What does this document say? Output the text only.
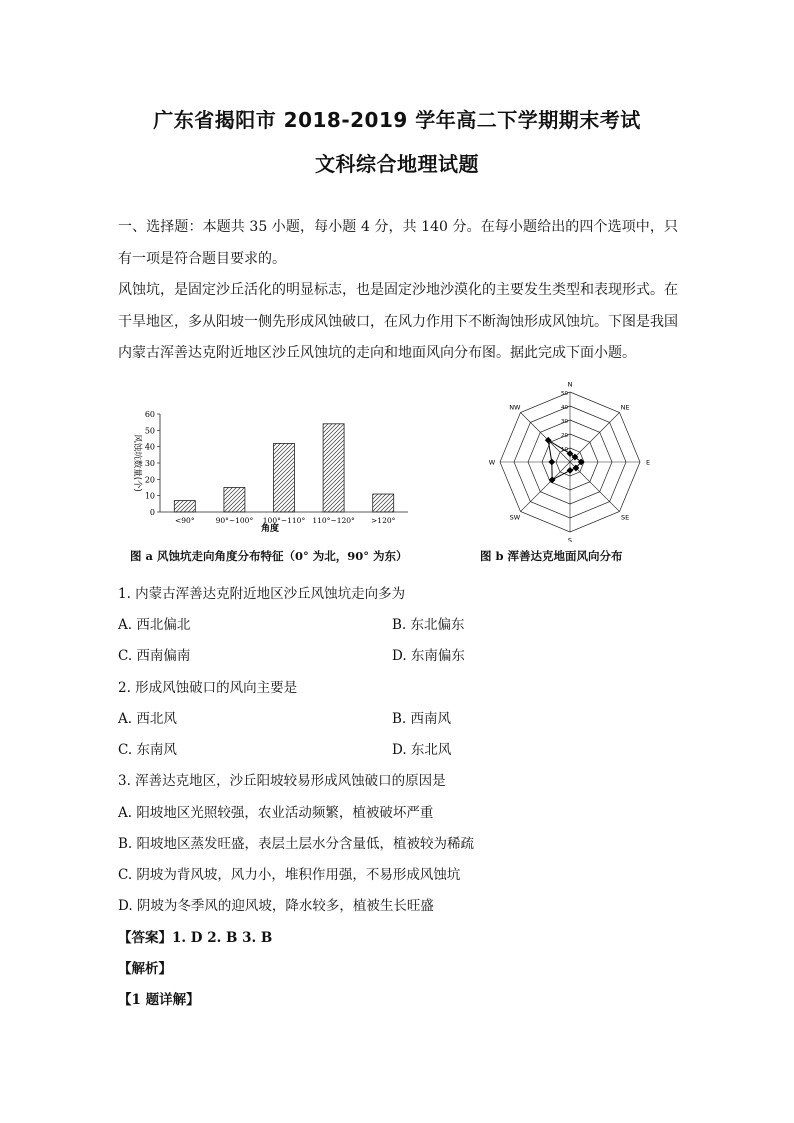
广东省揭阳市 2018-2019 学年高二下学期期末考试
文科综合地理试题
一、选择题：本题共 35 小题，每小题 4 分，共 140 分。在每小题给出的四个选项中，只有一项是符合题目要求的。
风蚀坑，是固定沙丘活化的明显标志，也是固定沙地沙漠化的主要发生类型和表现形式。在干旱地区，多从阳坡一侧先形成风蚀破口，在风力作用下不断淘蚀形成风蚀坑。下图是我国内蒙古浑善达克附近地区沙丘风蚀坑的走向和地面风向分布图。据此完成下面小题。
0
10
20
30
40
50
60
<90°	90°~100° 100°~110° 110°~120° >120°
角度
风蚀坑数量(个)
N
NE
E
SE
S
SW
W
NW
10
20
30
40
50
图 a 风蚀坑走向角度分布特征（0° 为北，90° 为东）	图 b 浑善达克地面风向分布
1. 内蒙古浑善达克附近地区沙丘风蚀坑走向多为
A. 西北偏北	B. 东北偏东
C. 西南偏南	D. 东南偏东
2. 形成风蚀破口的风向主要是
A. 西北风	B. 西南风
C. 东南风	D. 东北风
3. 浑善达克地区，沙丘阳坡较易形成风蚀破口的原因是
A. 阳坡地区光照较强，农业活动频繁，植被破坏严重
B. 阳坡地区蒸发旺盛，表层土层水分含量低，植被较为稀疏
C. 阴坡为背风坡，风力小，堆积作用强，不易形成风蚀坑
D. 阴坡为冬季风的迎风坡，降水较多，植被生长旺盛
【答案】1. D 2. B 3. B
【解析】
【1 题详解】
